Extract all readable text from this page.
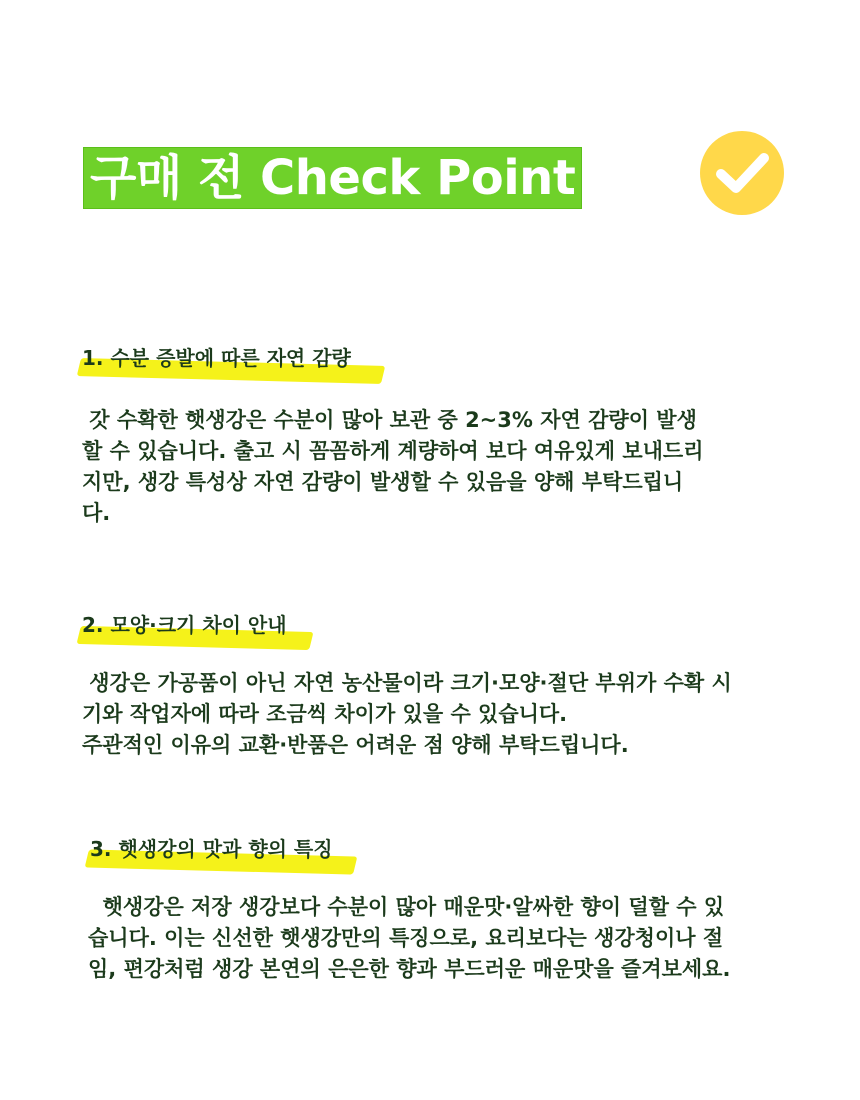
구매 전 Check Point
1. 수분 증발에 따른 자연 감량

갓 수확한 햇생강은 수분이 많아 보관 중 2~3% 자연 감량이 발생

할 수 있습니다. 출고 시 꼼꼼하게 계량하여 보다 여유있게 보내드리

지만, 생강 특성상 자연 감량이 발생할 수 있음을 양해 부탁드립니

다.

2. 모양·크기 차이 안내

생강은 가공품이 아닌 자연 농산물이라 크기·모양·절단 부위가 수확 시

기와 작업자에 따라 조금씩 차이가 있을 수 있습니다.

주관적인 이유의 교환·반품은 어려운 점 양해 부탁드립니다.

3. 햇생강의 맛과 향의 특징

햇생강은 저장 생강보다 수분이 많아 매운맛·알싸한 향이 덜할 수 있

습니다. 이는 신선한 햇생강만의 특징으로, 요리보다는 생강청이나 절

임, 편강처럼 생강 본연의 은은한 향과 부드러운 매운맛을 즐겨보세요.
